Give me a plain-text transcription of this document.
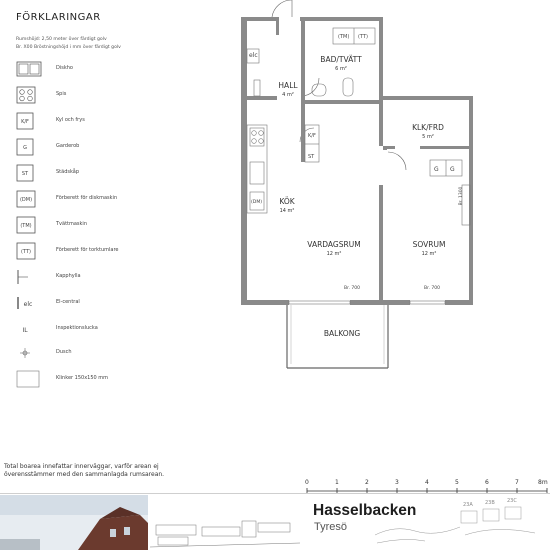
FÖRKLARINGAR
Rumshöjd: 2,50 meter över färdigt golv
Br. X00 Bröstningshöjd i mm över färdigt golv
Diskho
Spis
K/F	Kyl och frys
G	Garderob
ST	Städskåp
(DM)	Förberett för diskmaskin
(TM)	Tvättmaskin
(TT)	Förberett för torktumlare
Kapphylla
elc	El-central
IL	Inspektionslucka
Dusch
Klinker 150x150 mm
(TM) (TT)
elc
(DM)
ST
K/F
G G
BAD/TVÄTT
6 m²
HALL
4 m²
KLK/FRD
5 m²
KÖK
14 m²
VARDAGSRUM
12 m²
SOVRUM
12 m²
BALKONG
Br. 700	Br. 700
Br. 1300
Total boarea innefattar innerväggar, varför arean ej överensstämmer med den sammanlagda rumsarean.
0	1	2	3	4	5	6	7	8m
Hasselbacken
Tyresö
23A 23B 23C
